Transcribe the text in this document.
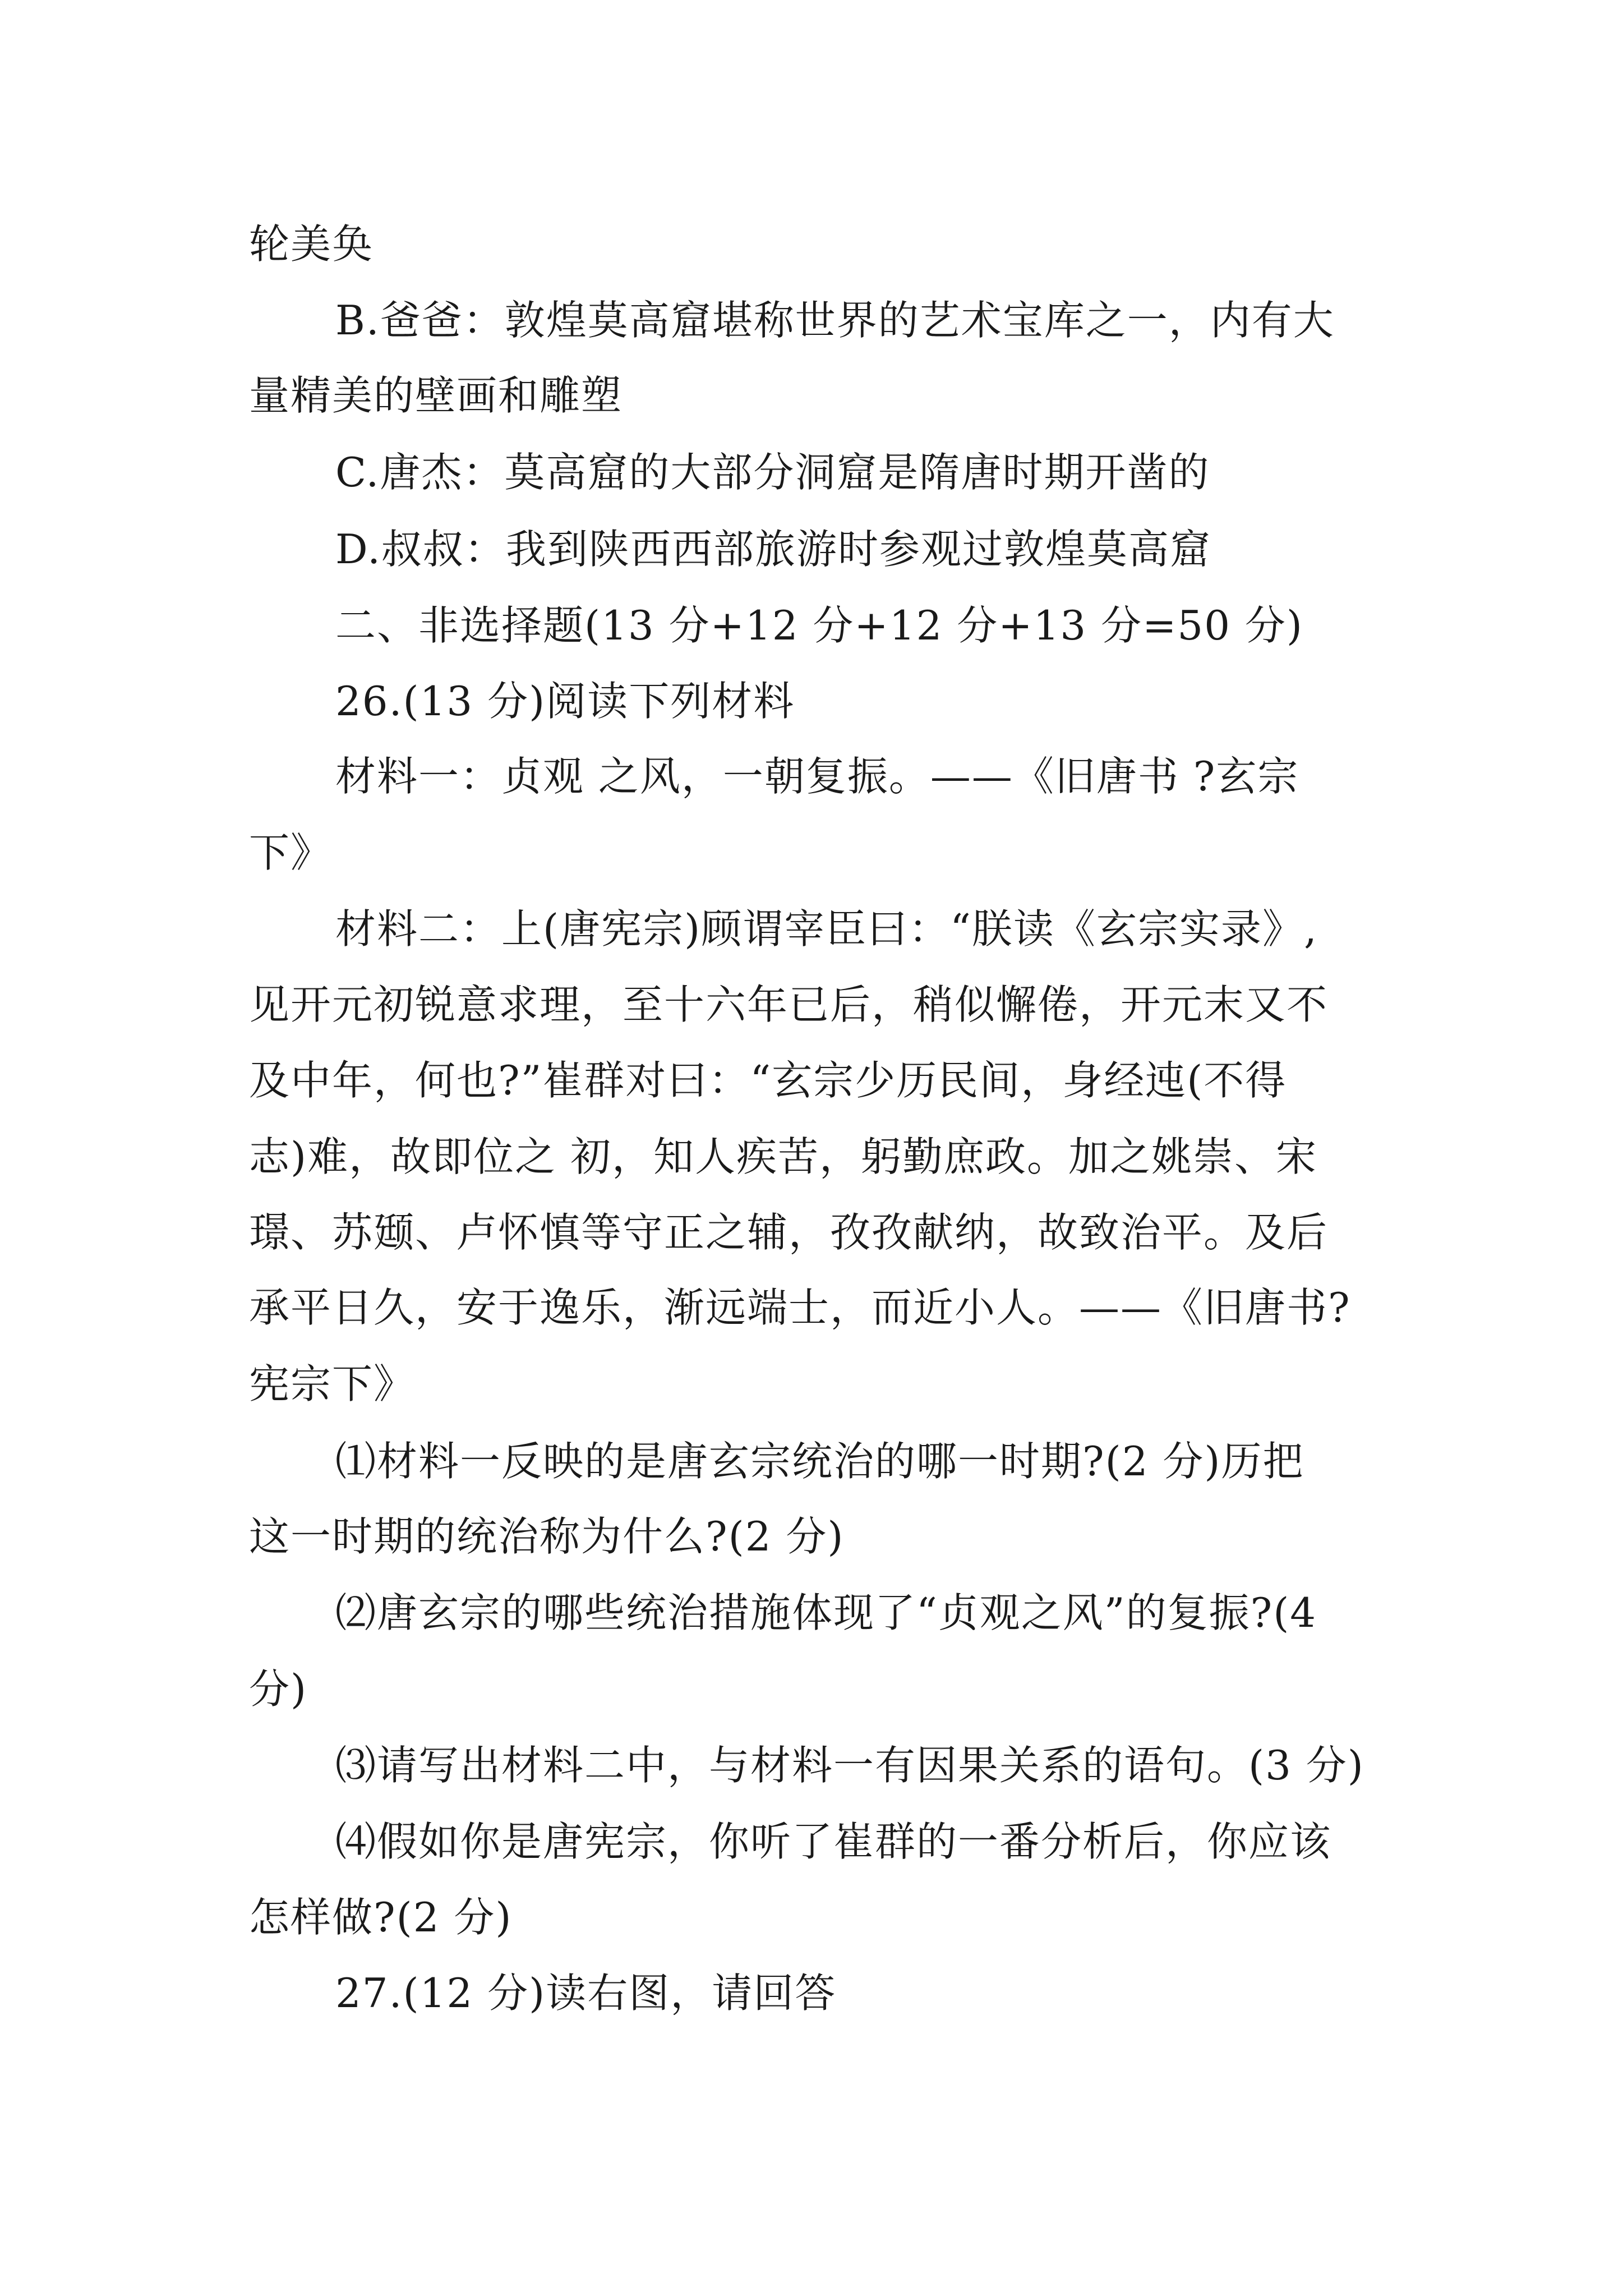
轮美奂
B.爸爸：敦煌莫高窟堪称世界的艺术宝库之一，内有大
量精美的壁画和雕塑
C.唐杰：莫高窟的大部分洞窟是隋唐时期开凿的
D.叔叔：我到陕西西部旅游时参观过敦煌莫高窟
二、非选择题(13 分+12 分+12 分+13 分=50 分)
26.(13 分)阅读下列材料
材料一：贞观 之风，一朝复振。——《旧唐书 ?玄宗
下》
材料二：上(唐宪宗)顾谓宰臣曰：“朕读《玄宗实录》,
见开元初锐意求理，至十六年已后，稍似懈倦，开元末又不
及中年，何也?”崔群对曰：“玄宗少历民间，身经迍(不得
志)难，故即位之 初，知人疾苦，躬勤庶政。加之姚崇、宋
璟、苏颋、卢怀慎等守正之辅，孜孜献纳，故致治平。及后
承平日久，安于逸乐，渐远端士，而近小人。——《旧唐书?
宪宗下》
⑴材料一反映的是唐玄宗统治的哪一时期?(2 分)历把
这一时期的统治称为什么?(2 分)
⑵唐玄宗的哪些统治措施体现了“贞观之风”的复振?(4
分)
⑶请写出材料二中，与材料一有因果关系的语句。(3 分)
⑷假如你是唐宪宗，你听了崔群的一番分析后，你应该
怎样做?(2 分)
27.(12 分)读右图，请回答
